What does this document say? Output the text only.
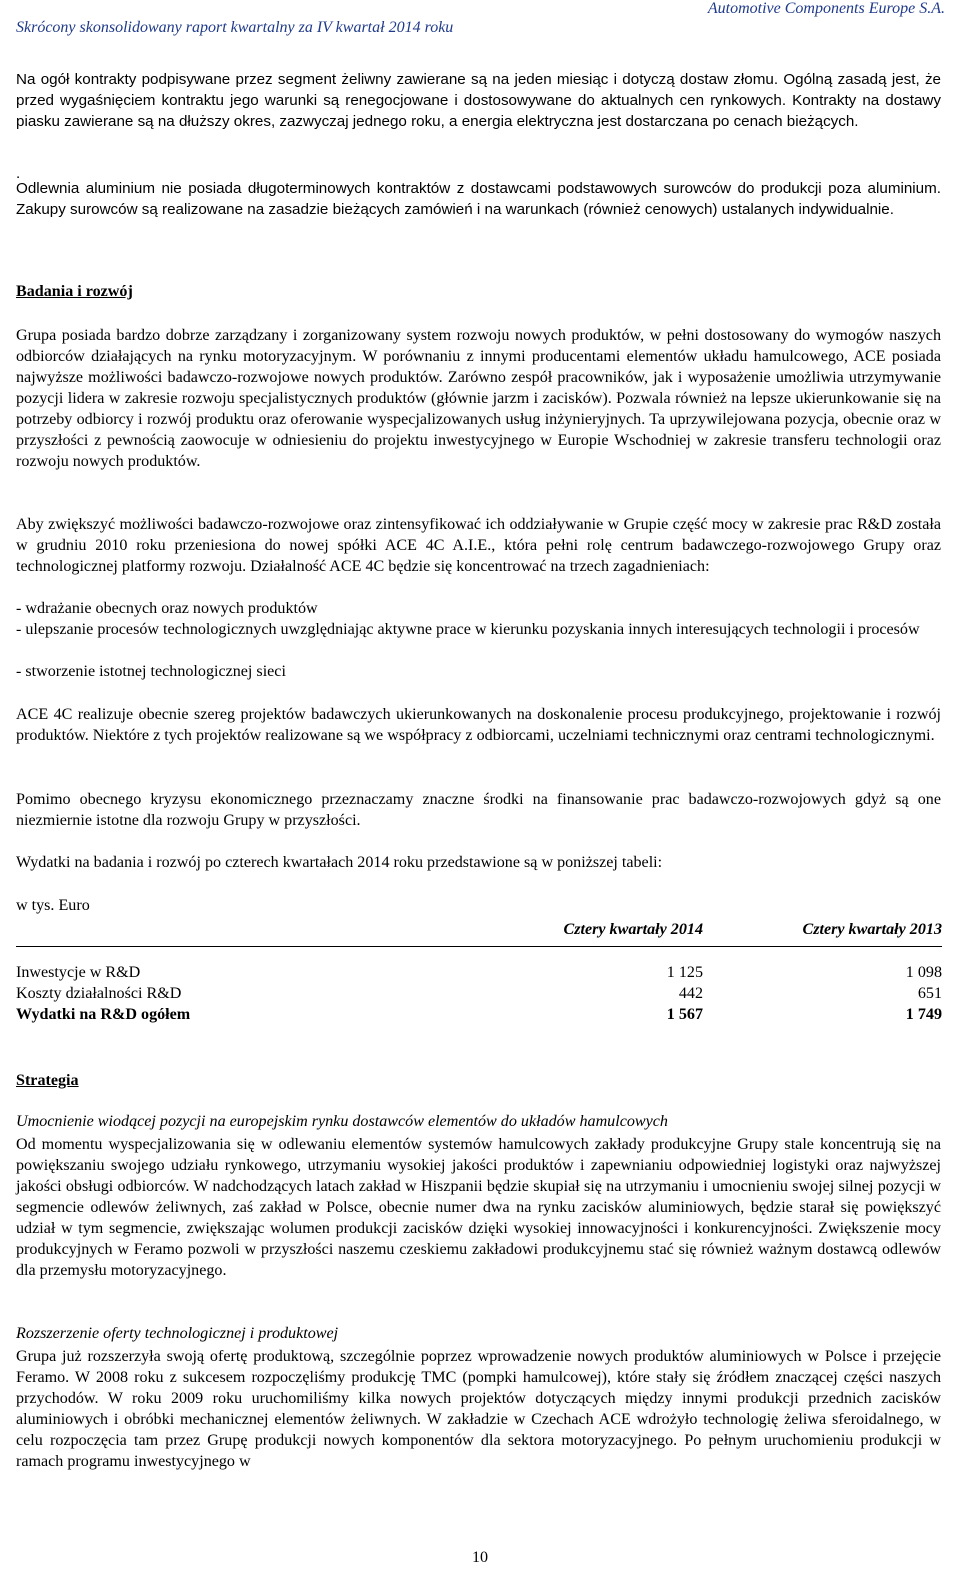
Automotive Components Europe S.A.
Skrócony skonsolidowany raport kwartalny za IV kwartał 2014 roku

Na ogół kontrakty podpisywane przez segment żeliwny zawierane są na jeden miesiąc i dotyczą dostaw złomu. Ogólną zasadą jest, że przed wygaśnięciem kontraktu jego warunki są renegocjowane i dostosowywane do aktualnych cen rynkowych. Kontrakty na dostawy piasku zawierane są na dłuższy okres, zazwyczaj jednego roku, a energia elektryczna jest dostarczana po cenach bieżących.

.

Odlewnia aluminium nie posiada długoterminowych kontraktów z dostawcami podstawowych surowców do produkcji poza aluminium. Zakupy surowców są realizowane na zasadzie bieżących zamówień i na warunkach (również cenowych) ustalanych indywidualnie.

Badania i rozwój

Grupa posiada bardzo dobrze zarządzany i zorganizowany system rozwoju nowych produktów, w pełni dostosowany do wymogów naszych odbiorców działających na rynku motoryzacyjnym. W porównaniu z innymi producentami elementów układu hamulcowego, ACE posiada najwyższe możliwości badawczo-rozwojowe nowych produktów. Zarówno zespół pracowników, jak i wyposażenie umożliwia utrzymywanie pozycji lidera w zakresie rozwoju specjalistycznych produktów (głównie jarzm i zacisków). Pozwala również na lepsze ukierunkowanie się na potrzeby odbiorcy i rozwój produktu oraz oferowanie wyspecjalizowanych usług inżynieryjnych. Ta uprzywilejowana pozycja, obecnie oraz w przyszłości z pewnością zaowocuje w odniesieniu do projektu inwestycyjnego w Europie Wschodniej w zakresie transferu technologii oraz rozwoju nowych produktów.

Aby zwiększyć możliwości badawczo-rozwojowe oraz zintensyfikować ich oddziaływanie w Grupie część mocy w zakresie prac R&D została w grudniu 2010 roku przeniesiona do nowej spółki ACE 4C A.I.E., która pełni rolę centrum badawczego-rozwojowego Grupy oraz technologicznej platformy rozwoju. Działalność ACE 4C będzie się koncentrować na trzech zagadnieniach:

- wdrażanie obecnych oraz nowych produktów

- ulepszanie procesów technologicznych uwzględniając aktywne prace w kierunku pozyskania innych interesujących technologii i procesów

- stworzenie istotnej technologicznej sieci

ACE 4C realizuje obecnie szereg projektów badawczych ukierunkowanych na doskonalenie procesu produkcyjnego, projektowanie i rozwój produktów. Niektóre z tych projektów realizowane są we współpracy z odbiorcami, uczelniami technicznymi oraz centrami technologicznymi.

Pomimo obecnego kryzysu ekonomicznego przeznaczamy znaczne środki na finansowanie prac badawczo-rozwojowych gdyż są one niezmiernie istotne dla rozwoju Grupy w przyszłości.

Wydatki na badania i rozwój po czterech kwartałach 2014 roku przedstawione są w poniższej tabeli:
w tys. Euro
	Cztery kwartały 2014	Cztery kwartały 2013

Inwestycje w R&D	1 125	1 098
Koszty działalności R&D	442	651
Wydatki na R&D ogółem	1 567	1 749
Strategia
Umocnienie wiodącej pozycji na europejskim rynku dostawców elementów do układów hamulcowych

Od momentu wyspecjalizowania się w odlewaniu elementów systemów hamulcowych zakłady produkcyjne Grupy stale koncentrują się na powiększaniu swojego udziału rynkowego, utrzymaniu wysokiej jakości produktów i zapewnianiu odpowiedniej logistyki oraz najwyższej jakości obsługi odbiorców. W nadchodzących latach zakład w Hiszpanii będzie skupiał się na utrzymaniu i umocnieniu swojej silnej pozycji w segmencie odlewów żeliwnych, zaś zakład w Polsce, obecnie numer dwa na rynku zacisków aluminiowych, będzie starał się powiększyć udział w tym segmencie, zwiększając wolumen produkcji zacisków dzięki wysokiej innowacyjności i konkurencyjności. Zwiększenie mocy produkcyjnych w Feramo pozwoli w przyszłości naszemu czeskiemu zakładowi produkcyjnemu stać się również ważnym dostawcą odlewów dla przemysłu motoryzacyjnego.

Rozszerzenie oferty technologicznej i produktowej

Grupa już rozszerzyła swoją ofertę produktową, szczególnie poprzez wprowadzenie nowych produktów aluminiowych w Polsce i przejęcie Feramo. W 2008 roku z sukcesem rozpoczęliśmy produkcję TMC (pompki hamulcowej), które stały się źródłem znaczącej części naszych przychodów. W roku 2009 roku uruchomiliśmy kilka nowych projektów dotyczących między innymi produkcji przednich zacisków aluminiowych i obróbki mechanicznej elementów żeliwnych. W zakładzie w Czechach ACE wdrożyło technologię żeliwa sferoidalnego, w celu rozpoczęcia tam przez Grupę produkcji nowych komponentów dla sektora motoryzacyjnego. Po pełnym uruchomieniu produkcji w ramach programu inwestycyjnego w

10
